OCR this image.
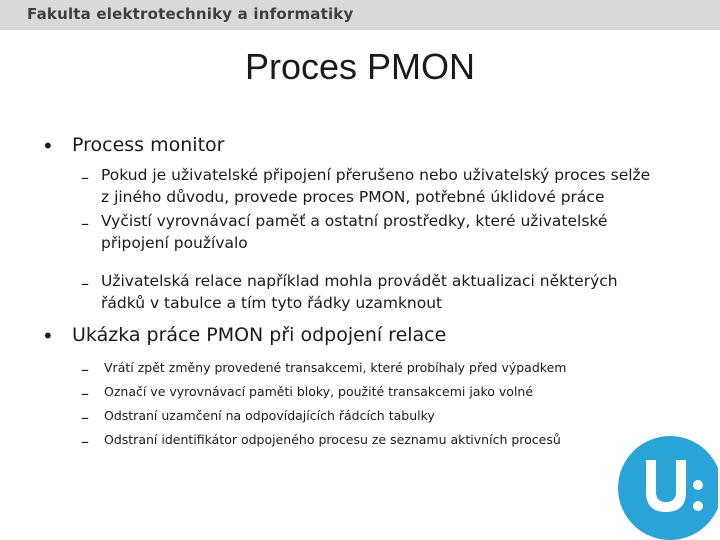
Fakulta elektrotechniky a informatiky
Proces PMON
• Process monitor
– Pokud je uživatelské připojení přerušeno nebo uživatelský proces selže
z jiného důvodu, provede proces PMON, potřebné úklidové práce
– Vyčistí vyrovnávací paměť a ostatní prostředky, které uživatelské
připojení používalo
– Uživatelská relace například mohla provádět aktualizaci některých
řádků v tabulce a tím tyto řádky uzamknout
• Ukázka práce PMON při odpojení relace
– Vrátí zpět změny provedené transakcemi, které probíhaly před výpadkem
– Označí ve vyrovnávací paměti bloky, použité transakcemi jako volné
– Odstraní uzamčení na odpovídajících řádcích tabulky
– Odstraní identifikátor odpojeného procesu ze seznamu aktivních procesů
